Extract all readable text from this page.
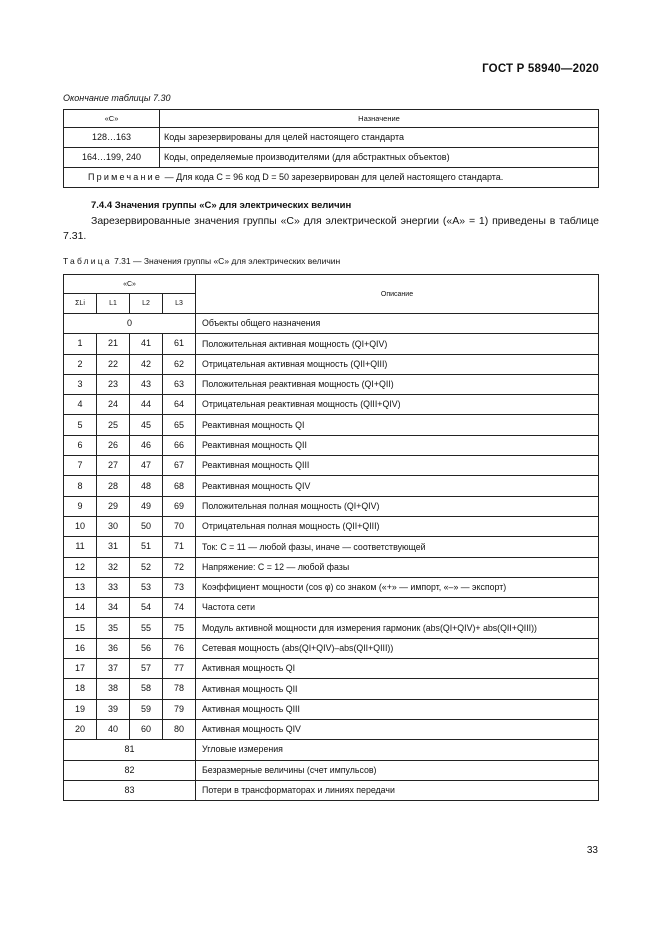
ГОСТ Р 58940—2020
Окончание таблицы 7.30
«C»	Назначение
128…163	Коды зарезервированы для целей настоящего стандарта
164…199, 240	Коды, определяемые производителями (для абстрактных объектов)
Примечание — Для кода C = 96 код D = 50 зарезервирован для целей настоящего стандарта.	
7.4.4 Значения группы «C» для электрических величин
Зарезервированные значения группы «C» для электрической энергии («A» = 1) приведены в таблице 7.31.
Таблица 7.31 — Значения группы «C» для электрических величин
«C»				Описание
ΣLi	L1	L2	L3	
0				Объекты общего назначения
1	21	41	61	Положительная активная мощность (QI+QIV)
2	22	42	62	Отрицательная активная мощность (QII+QIII)
3	23	43	63	Положительная реактивная мощность (QI+QII)
4	24	44	64	Отрицательная реактивная мощность (QIII+QIV)
5	25	45	65	Реактивная мощность QI
6	26	46	66	Реактивная мощность QII
7	27	47	67	Реактивная мощность QIII
8	28	48	68	Реактивная мощность QIV
9	29	49	69	Положительная полная мощность (QI+QIV)
10	30	50	70	Отрицательная полная мощность (QII+QIII)
11	31	51	71	Ток: C = 11 — любой фазы, иначе — соответствующей
12	32	52	72	Напряжение: C = 12 — любой фазы
13	33	53	73	Коэффициент мощности (cos φ) со знаком («+» — импорт, «–» — экспорт)
14	34	54	74	Частота сети
15	35	55	75	Модуль активной мощности для измерения гармоник (abs(QI+QIV)+ abs(QII+QIII))
16	36	56	76	Сетевая мощность (abs(QI+QIV)–abs(QII+QIII))
17	37	57	77	Активная мощность QI
18	38	58	78	Активная мощность QII
19	39	59	79	Активная мощность QIII
20	40	60	80	Активная мощность QIV
81				Угловые измерения
82				Безразмерные величины (счет импульсов)
83				Потери в трансформаторах и линиях передачи
33
